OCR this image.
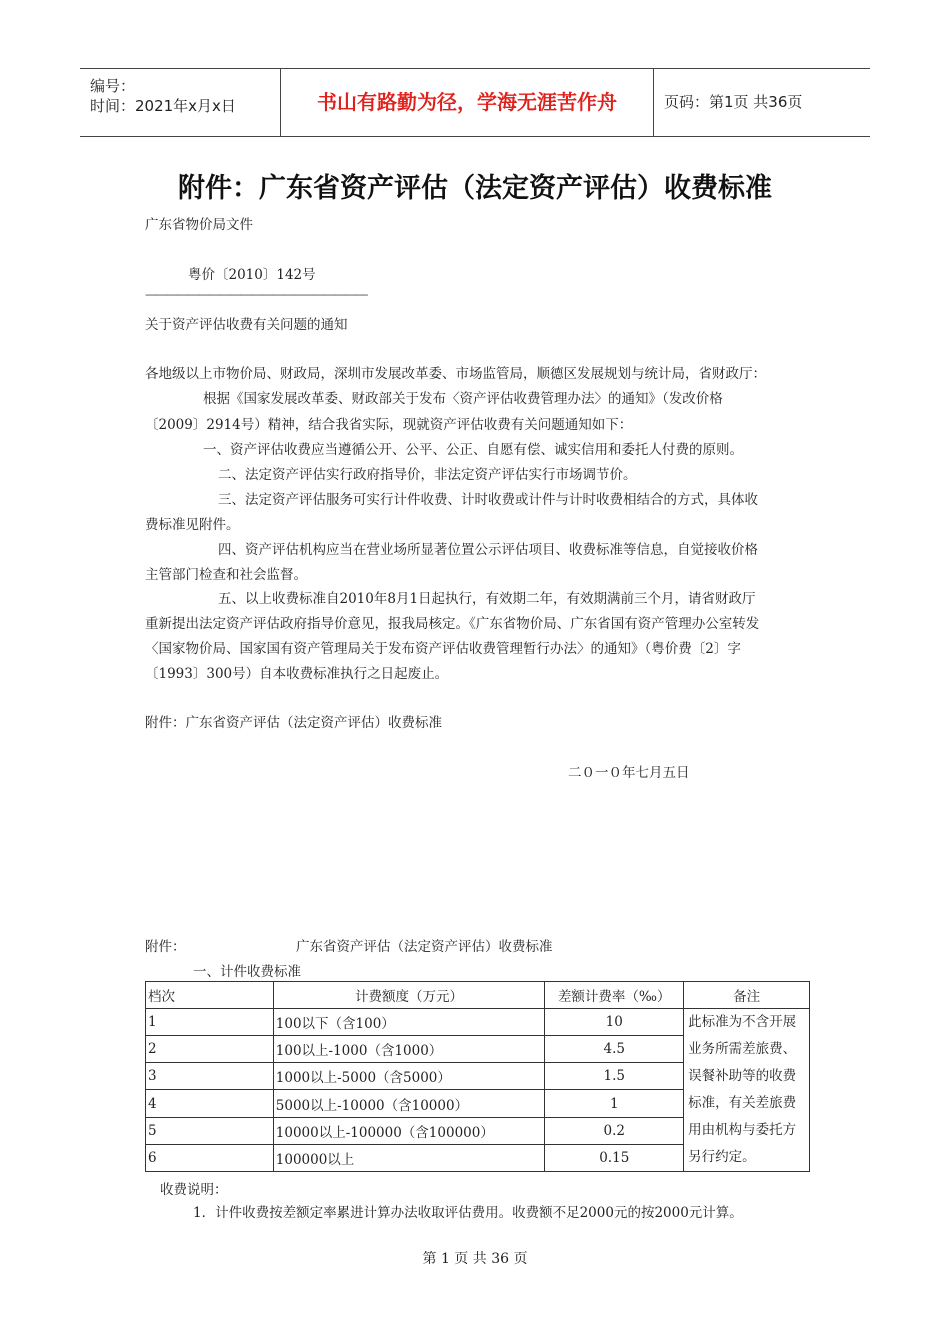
编号：
时间：2021年x月x日	书山有路勤为径，学海无涯苦作舟	页码：第1页 共36页
附件：广东省资产评估（法定资产评估）收费标准
广东省物价局文件
粤价〔2010〕142号
—————————————————————
关于资产评估收费有关问题的通知
各地级以上市物价局、财政局，深圳市发展改革委、市场监管局，顺德区发展规划与统计局，省财政厅：
根据《国家发展改革委、财政部关于发布〈资产评估收费管理办法〉的通知》（发改价格
〔2009〕2914号）精神，结合我省实际，现就资产评估收费有关问题通知如下：
一、资产评估收费应当遵循公开、公平、公正、自愿有偿、诚实信用和委托人付费的原则。
二、法定资产评估实行政府指导价，非法定资产评估实行市场调节价。
三、法定资产评估服务可实行计件收费、计时收费或计件与计时收费相结合的方式，具体收
费标准见附件。
四、资产评估机构应当在营业场所显著位置公示评估项目、收费标准等信息，自觉接收价格
主管部门检查和社会监督。
五、以上收费标准自2010年8月1日起执行，有效期二年，有效期满前三个月，请省财政厅
重新提出法定资产评估政府指导价意见，报我局核定。《广东省物价局、广东省国有资产管理办公室转发
〈国家物价局、国家国有资产管理局关于发布资产评估收费管理暂行办法〉的通知》（粤价费〔2〕字
〔1993〕300号）自本收费标准执行之日起废止。
附件：广东省资产评估（法定资产评估）收费标准
二０一０年七月五日
附件：	广东省资产评估（法定资产评估）收费标准
一、计件收费标准
档次	计费额度（万元）	差额计费率（‰）	备注
1	100以下（含100）	10	此标准为不含开展业务所需差旅费、误餐补助等的收费标准，有关差旅费用由机构与委托方另行约定。
2	100以上-1000（含1000）	4.5	
3	1000以上-5000（含5000）	1.5	
4	5000以上-10000（含10000）	1	
5	10000以上-100000（含100000）	0.2	
6	100000以上	0.15	
收费说明：
1．计件收费按差额定率累进计算办法收取评估费用。收费额不足2000元的按2000元计算。
第 1 页 共 36 页
